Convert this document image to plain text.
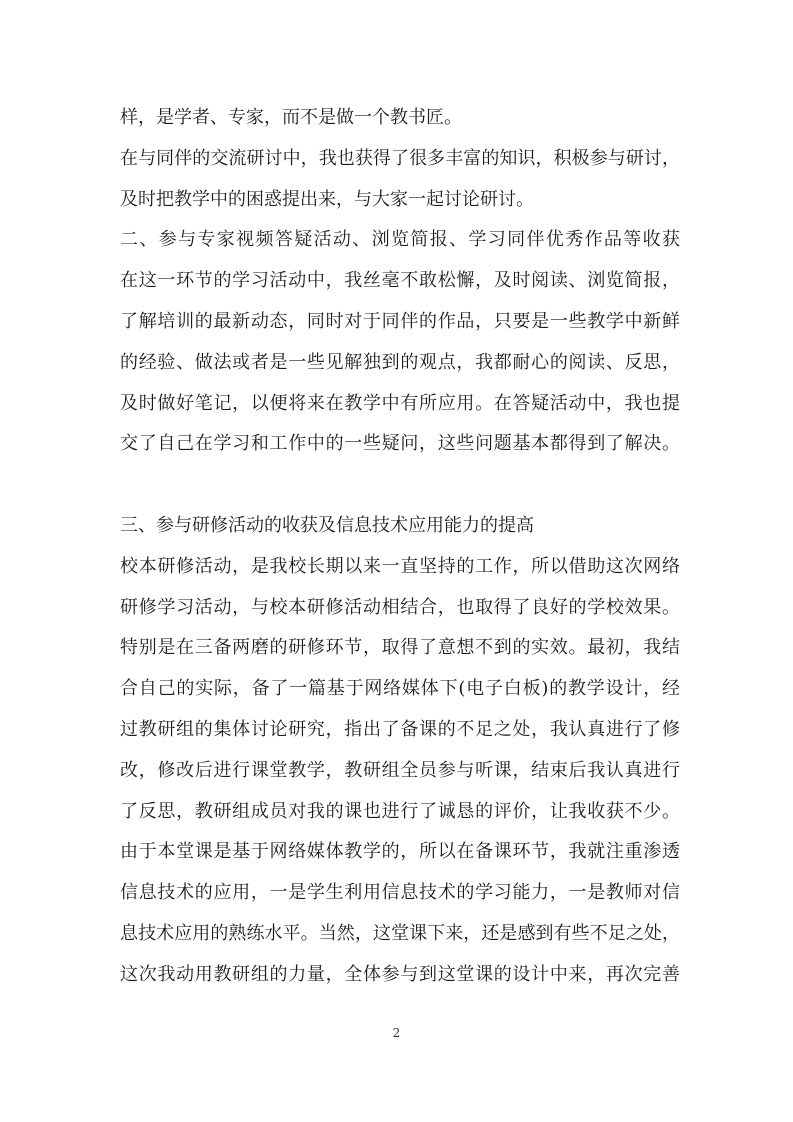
样，是学者、专家，而不是做一个教书匠。
在与同伴的交流研讨中，我也获得了很多丰富的知识，积极参与研讨，
及时把教学中的困惑提出来，与大家一起讨论研讨。
二、参与专家视频答疑活动、浏览简报、学习同伴优秀作品等收获
在这一环节的学习活动中，我丝毫不敢松懈，及时阅读、浏览简报，
了解培训的最新动态，同时对于同伴的作品，只要是一些教学中新鲜
的经验、做法或者是一些见解独到的观点，我都耐心的阅读、反思，
及时做好笔记，以便将来在教学中有所应用。在答疑活动中，我也提
交了自己在学习和工作中的一些疑问，这些问题基本都得到了解决。
三、参与研修活动的收获及信息技术应用能力的提高
校本研修活动，是我校长期以来一直坚持的工作，所以借助这次网络
研修学习活动，与校本研修活动相结合，也取得了良好的学校效果。
特别是在三备两磨的研修环节，取得了意想不到的实效。最初，我结
合自己的实际，备了一篇基于网络媒体下(电子白板)的教学设计，经
过教研组的集体讨论研究，指出了备课的不足之处，我认真进行了修
改，修改后进行课堂教学，教研组全员参与听课，结束后我认真进行
了反思，教研组成员对我的课也进行了诚恳的评价，让我收获不少。
由于本堂课是基于网络媒体教学的，所以在备课环节，我就注重渗透
信息技术的应用，一是学生利用信息技术的学习能力，一是教师对信
息技术应用的熟练水平。当然，这堂课下来，还是感到有些不足之处，
这次我动用教研组的力量，全体参与到这堂课的设计中来，再次完善
2
